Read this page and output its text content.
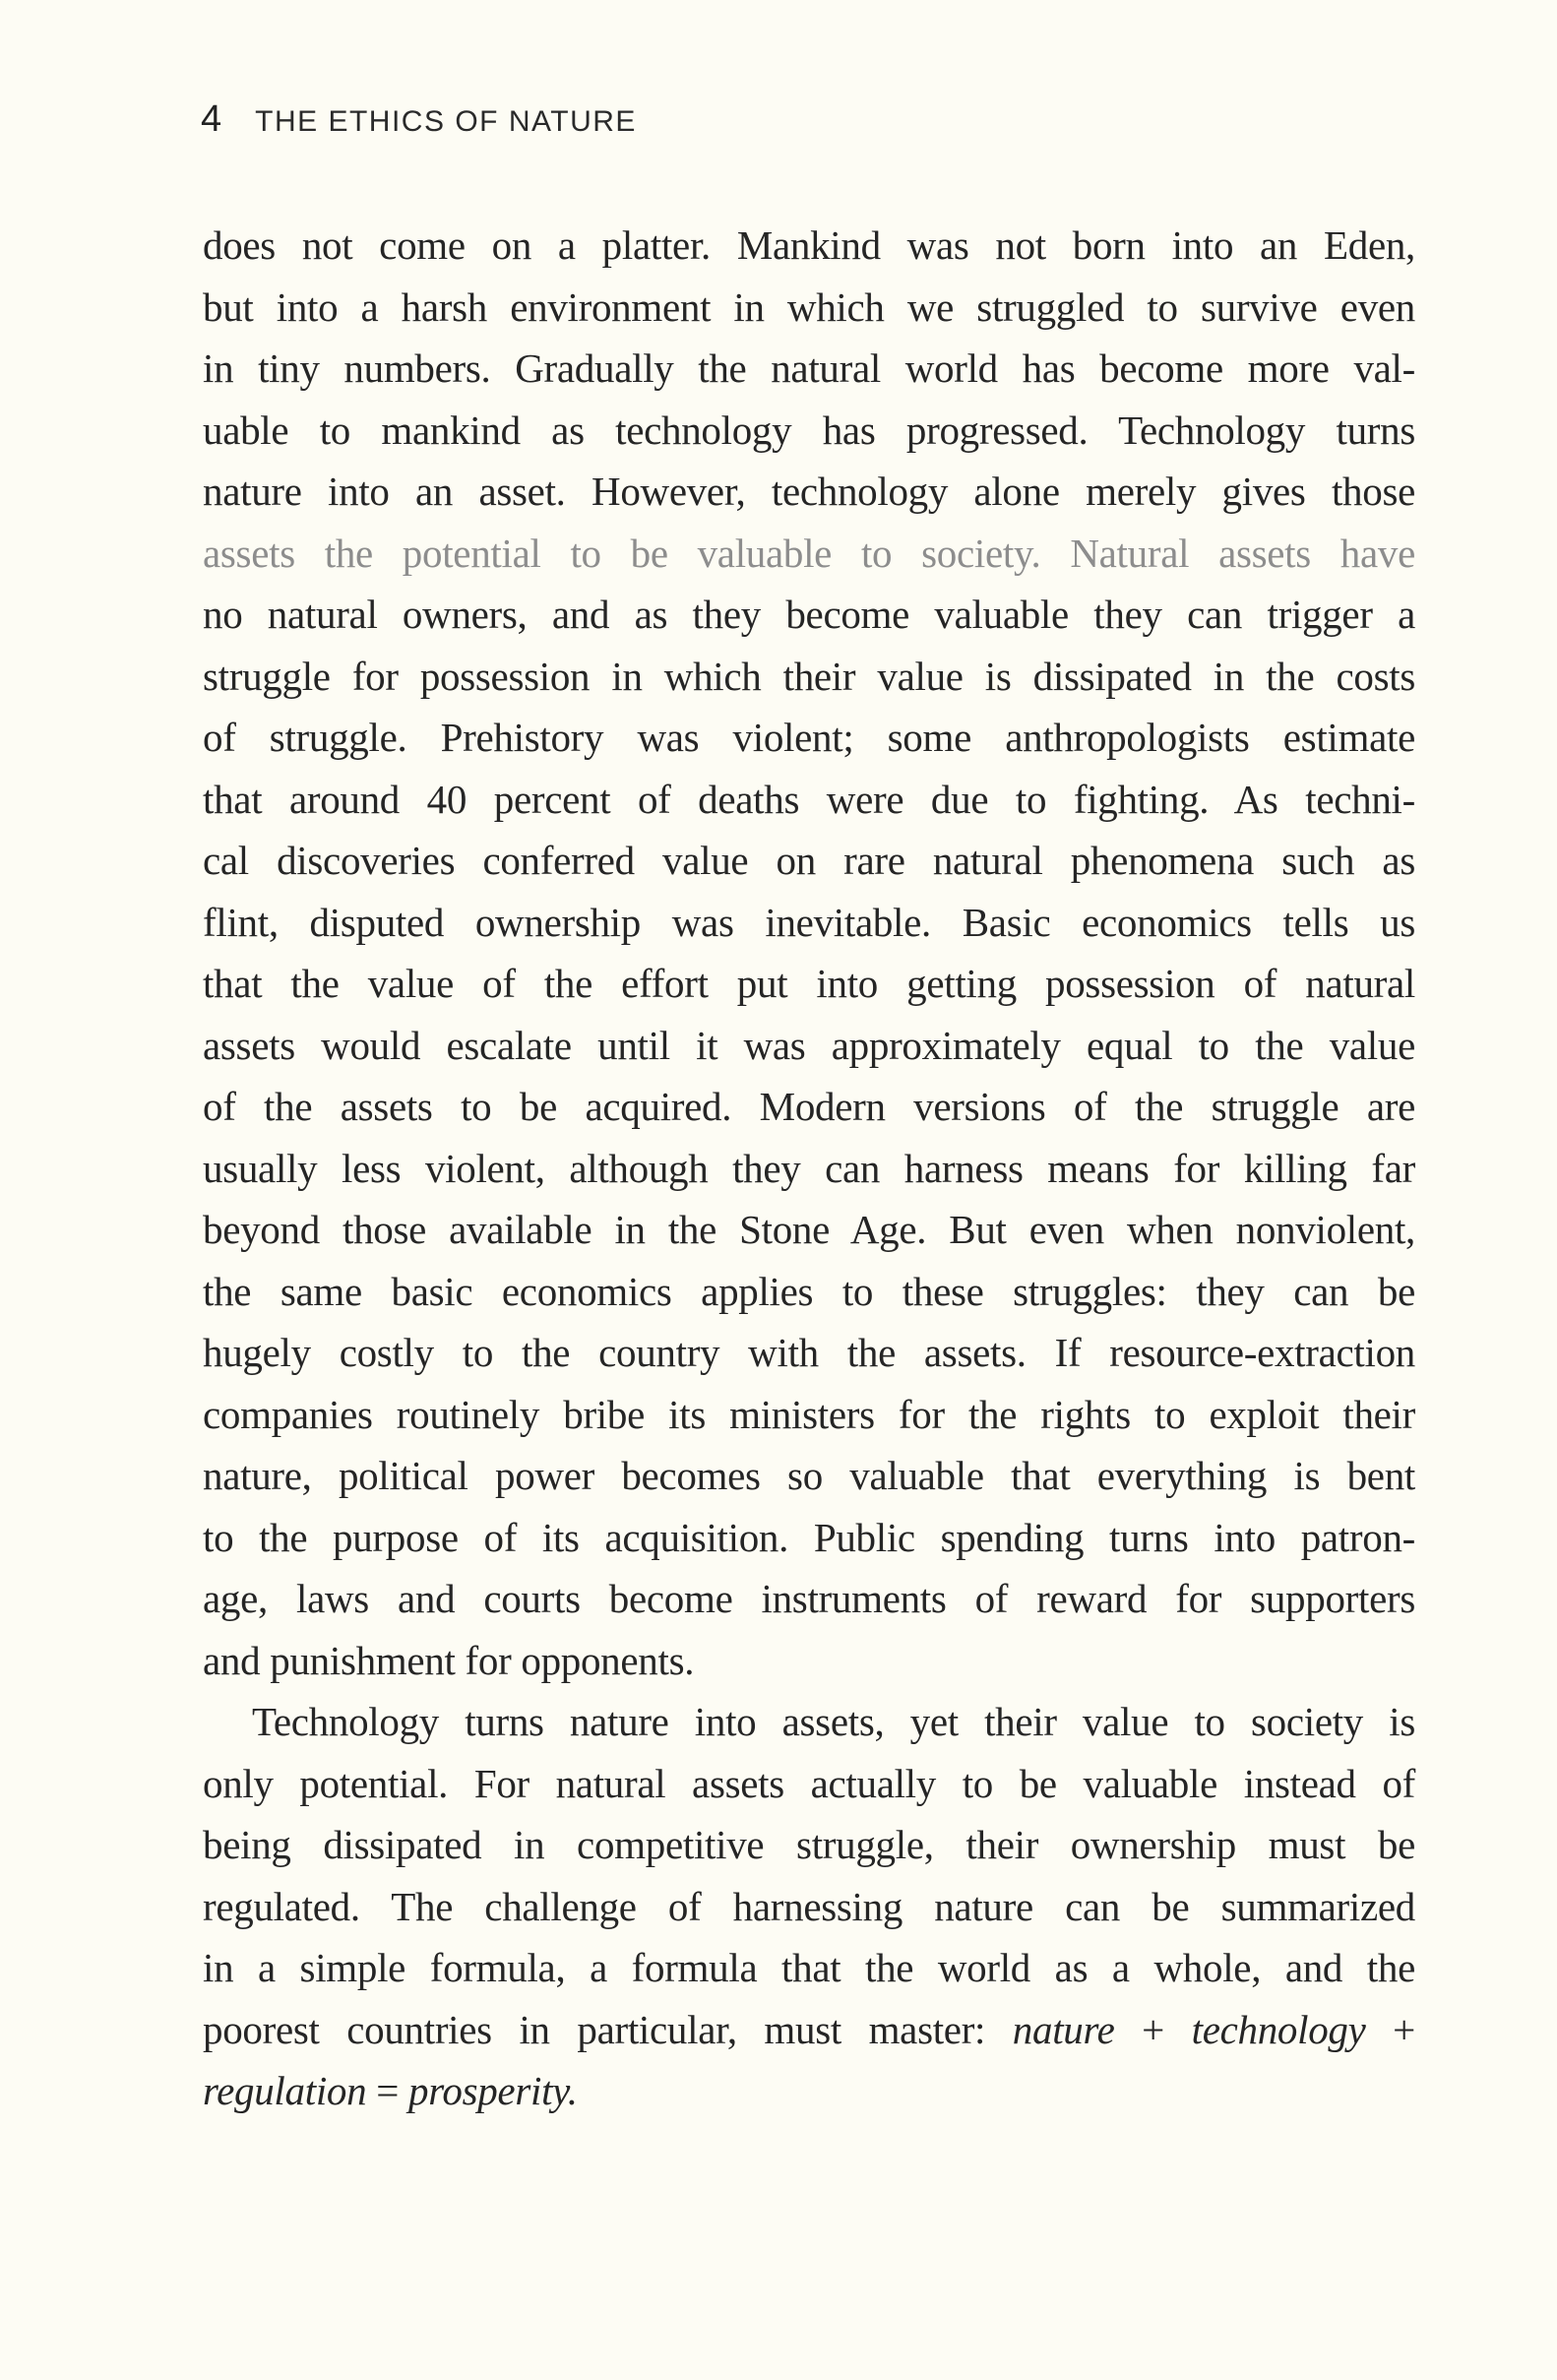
4 THE ETHICS OF NATURE
does not come on a platter. Mankind was not born into an Eden,
but into a harsh environment in which we struggled to survive even
in tiny numbers. Gradually the natural world has become more val-
uable to mankind as technology has progressed. Technology turns
nature into an asset. However, technology alone merely gives those
assets the potential to be valuable to society. Natural assets have
no natural owners, and as they become valuable they can trigger a
struggle for possession in which their value is dissipated in the costs
of struggle. Prehistory was violent; some anthropologists estimate
that around 40 percent of deaths were due to fighting. As techni-
cal discoveries conferred value on rare natural phenomena such as
flint, disputed ownership was inevitable. Basic economics tells us
that the value of the effort put into getting possession of natural
assets would escalate until it was approximately equal to the value
of the assets to be acquired. Modern versions of the struggle are
usually less violent, although they can harness means for killing far
beyond those available in the Stone Age. But even when nonviolent,
the same basic economics applies to these struggles: they can be
hugely costly to the country with the assets. If resource-extraction
companies routinely bribe its ministers for the rights to exploit their
nature, political power becomes so valuable that everything is bent
to the purpose of its acquisition. Public spending turns into patron-
age, laws and courts become instruments of reward for supporters
and punishment for opponents.
Technology turns nature into assets, yet their value to society is
only potential. For natural assets actually to be valuable instead of
being dissipated in competitive struggle, their ownership must be
regulated. The challenge of harnessing nature can be summarized
in a simple formula, a formula that the world as a whole, and the
poorest countries in particular, must master: nature + technology +
regulation = prosperity.
